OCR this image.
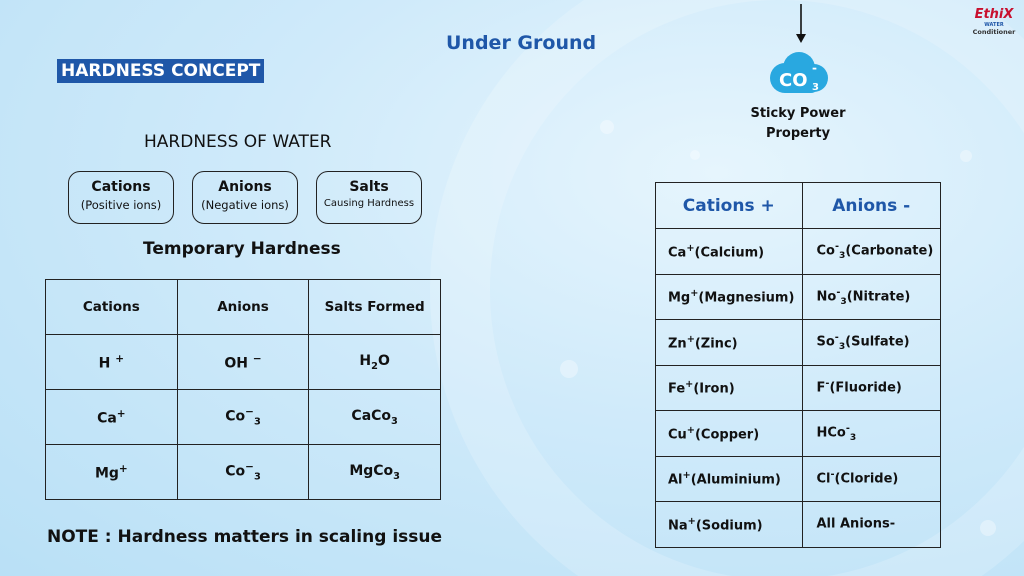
HARDNESS CONCEPT
Under Ground
HARDNESS OF WATER
Cations
(Positive ions)
Anions
(Negative ions)
Salts
Causing Hardness
Temporary Hardness
Cations	Anions	Salts Formed
H +	OH −	$H_2O$
Ca+	$Co^-_3$	CaCo$_3$
Mg+	$Co^-_3$	MgCo$_3$
NOTE : Hardness matters in scaling issue
CO 3
-
Sticky Power
Property
Cations +	Anions -
Ca+(Calcium)	$Co^-_3(Carbonate)$
Mg+(Magnesium)	$No^-_3(Nitrate)$
Zn+(Zinc)	$So^-_3(Sulfate)$
Fe+(Iron)	F-(Fluoride)
Cu+(Copper)	HCo-$_3$
Al+(Aluminium)	Cl-(Cloride)
Na+(Sodium)	All Anions-
EthiX
WATER
Conditioner
